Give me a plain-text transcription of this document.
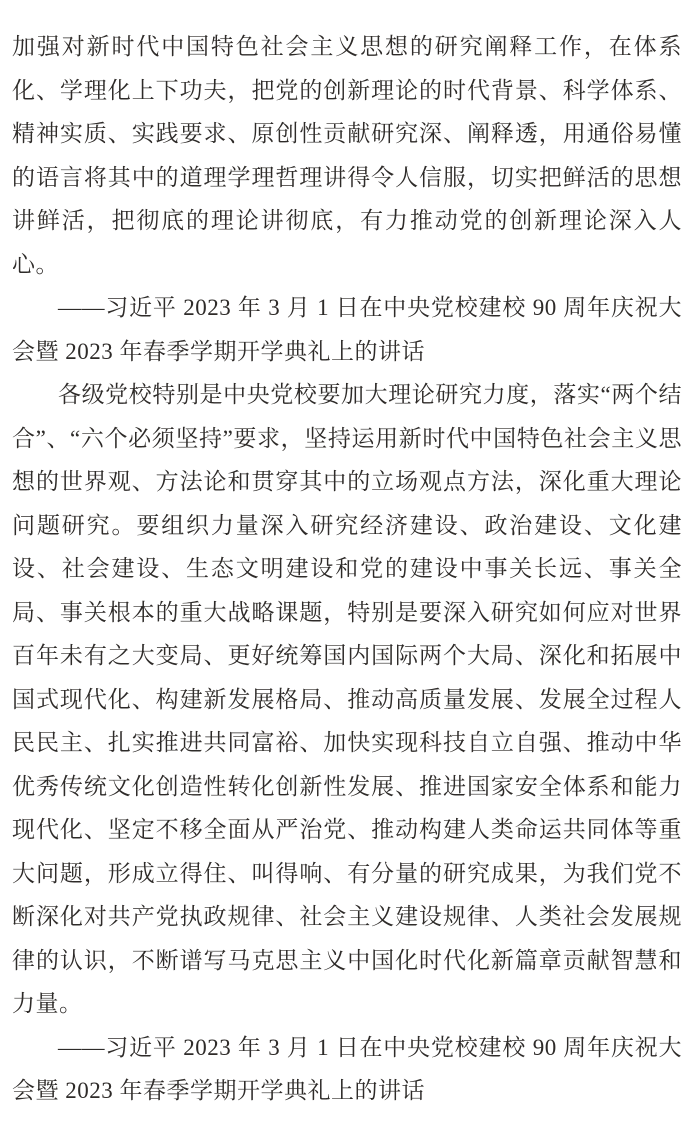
加强对新时代中国特色社会主义思想的研究阐释工作，在体系化、学理化上下功夫，把党的创新理论的时代背景、科学体系、精神实质、实践要求、原创性贡献研究深、阐释透，用通俗易懂的语言将其中的道理学理哲理讲得令人信服，切实把鲜活的思想讲鲜活，把彻底的理论讲彻底，有力推动党的创新理论深入人心。

——习近平 2023 年 3 月 1 日在中央党校建校 90 周年庆祝大会暨 2023 年春季学期开学典礼上的讲话

各级党校特别是中央党校要加大理论研究力度，落实“两个结合”、“六个必须坚持”要求，坚持运用新时代中国特色社会主义思想的世界观、方法论和贯穿其中的立场观点方法，深化重大理论问题研究。要组织力量深入研究经济建设、政治建设、文化建设、社会建设、生态文明建设和党的建设中事关长远、事关全局、事关根本的重大战略课题，特别是要深入研究如何应对世界百年未有之大变局、更好统筹国内国际两个大局、深化和拓展中国式现代化、构建新发展格局、推动高质量发展、发展全过程人民民主、扎实推进共同富裕、加快实现科技自立自强、推动中华优秀传统文化创造性转化创新性发展、推进国家安全体系和能力现代化、坚定不移全面从严治党、推动构建人类命运共同体等重大问题，形成立得住、叫得响、有分量的研究成果，为我们党不断深化对共产党执政规律、社会主义建设规律、人类社会发展规律的认识，不断谱写马克思主义中国化时代化新篇章贡献智慧和力量。

——习近平 2023 年 3 月 1 日在中央党校建校 90 周年庆祝大会暨 2023 年春季学期开学典礼上的讲话
